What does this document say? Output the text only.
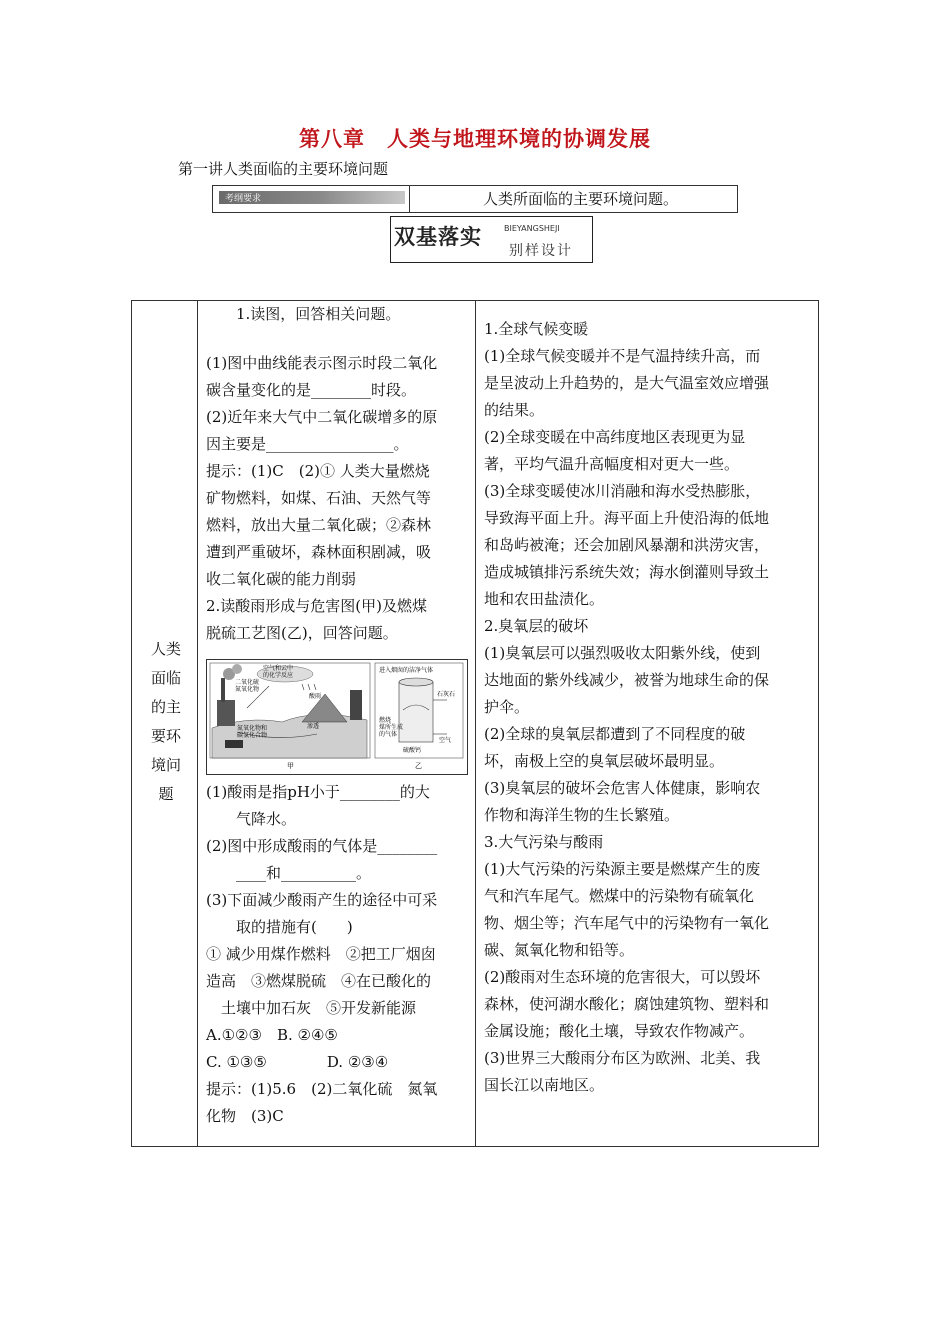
第八章　人类与地理环境的协调发展
第一讲人类面临的主要环境问题
考纲要求	人类所面临的主要环境问题。
双基落实	BIEYANGSHEJI
别样设计
人类
面临
的主
要环
境问
题

　　1.读图，回答相关问题。

(1)图中曲线能表示图示时段二氧化

碳含量变化的是________时段。

(2)近年来大气中二氧化碳增多的原

因主要是_________________。

提示：(1)C　(2)① 人类大量燃烧

矿物燃料，如煤、石油、天然气等

燃料，放出大量二氧化碳；②森林

遭到严重破坏，森林面积剧减，吸

收二氧化碳的能力削弱

2.读酸雨形成与危害图(甲)及燃煤

脱硫工艺图(乙)，回答问题。

空气和云中
的化学反应
二氧化硫
氮氧化物
酸雨
渗透
氮氧化物和
碳氢化合物
甲
进入烟囱的洁净气体
石灰石
燃烧
煤所生成
的气体
硫酸钙
空气
乙

(1)酸雨是指pH小于________的大

　　气降水。

(2)图中形成酸雨的气体是________

　　____和__________。

(3)下面减少酸雨产生的途径中可采

　　取的措施有(　　)

① 减少用煤作燃料　②把工厂烟囱

造高　③燃煤脱硫　④在已酸化的

　土壤中加石灰　⑤开发新能源

A.①②③　B. ②④⑤

C. ①③⑤　　　　D. ②③④

提示：(1)5.6　(2)二氧化硫　氮氧

化物　(3)C

1.全球气候变暖

(1)全球气候变暖并不是气温持续升高，而

是呈波动上升趋势的，是大气温室效应增强

的结果。

(2)全球变暖在中高纬度地区表现更为显

著，平均气温升高幅度相对更大一些。

(3)全球变暖使冰川消融和海水受热膨胀，

导致海平面上升。海平面上升使沿海的低地

和岛屿被淹；还会加剧风暴潮和洪涝灾害，

造成城镇排污系统失效；海水倒灌则导致土

地和农田盐渍化。

2.臭氧层的破坏

(1)臭氧层可以强烈吸收太阳紫外线，使到

达地面的紫外线减少，被誉为地球生命的保

护伞。

(2)全球的臭氧层都遭到了不同程度的破

坏，南极上空的臭氧层破坏最明显。

(3)臭氧层的破坏会危害人体健康，影响农

作物和海洋生物的生长繁殖。

3.大气污染与酸雨

(1)大气污染的污染源主要是燃煤产生的废

气和汽车尾气。燃煤中的污染物有硫氧化

物、烟尘等；汽车尾气中的污染物有一氧化

碳、氮氧化物和铅等。

(2)酸雨对生态环境的危害很大，可以毁坏

森林，使河湖水酸化；腐蚀建筑物、塑料和

金属设施；酸化土壤，导致农作物减产。

(3)世界三大酸雨分布区为欧洲、北美、我

国长江以南地区。
